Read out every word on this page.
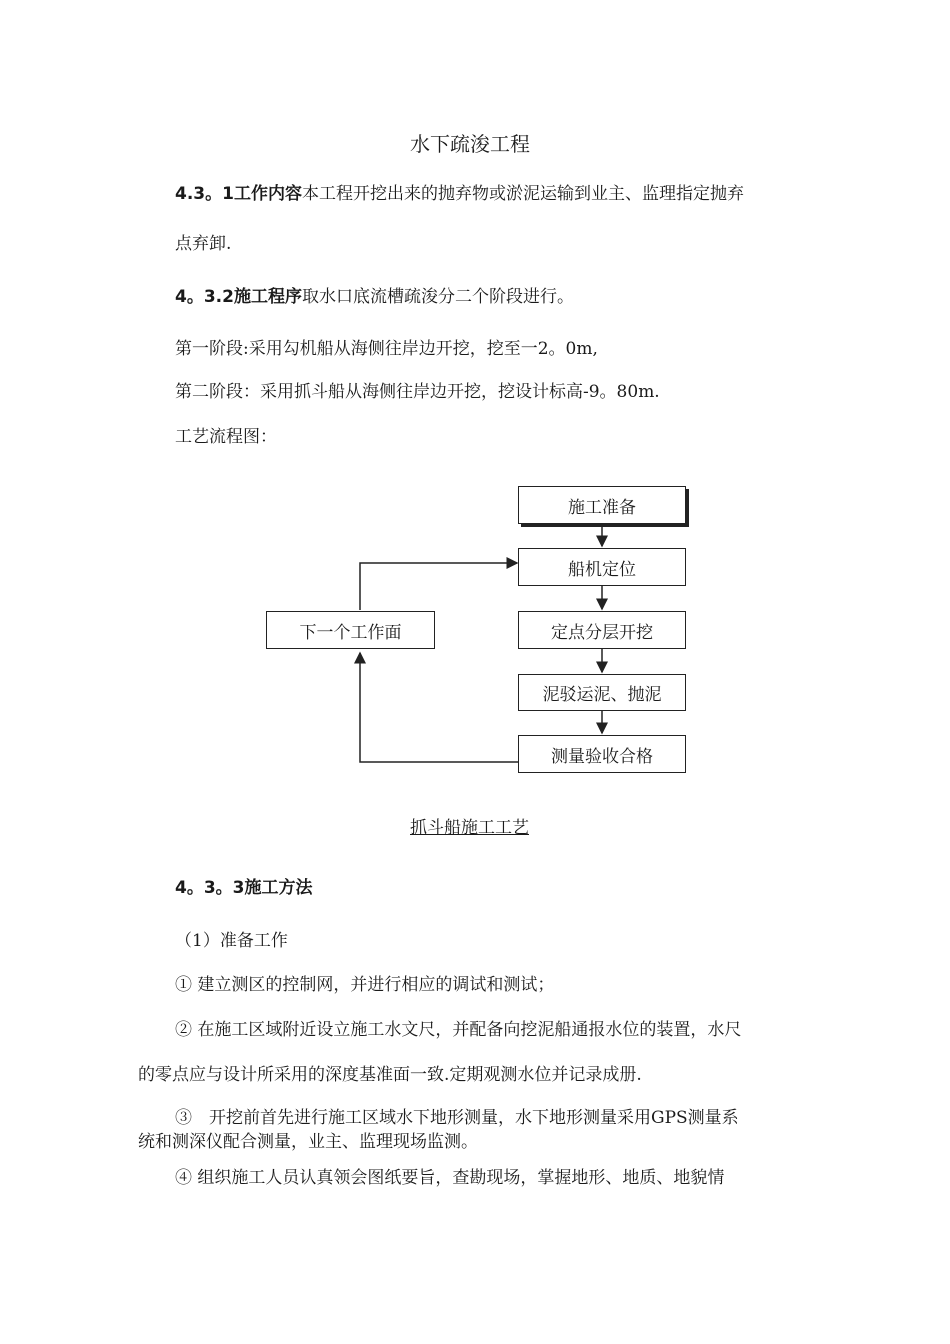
水下疏浚工程
4.3。1工作内容本工程开挖出来的抛弃物或淤泥运输到业主、监理指定抛弃
点弃卸.
4。3.2施工程序取水口底流槽疏浚分二个阶段进行。
第一阶段:采用勾机船从海侧往岸边开挖，挖至一2。0m,
第二阶段：采用抓斗船从海侧往岸边开挖，挖设计标高-9。80m.
工艺流程图：
施工准备
船机定位
定点分层开挖
泥驳运泥、抛泥
测量验收合格
下一个工作面
抓斗船施工工艺
4。3。3施工方法
（1）准备工作
① 建立测区的控制网，并进行相应的调试和测试；
② 在施工区域附近设立施工水文尺，并配备向挖泥船通报水位的装置，水尺
的零点应与设计所采用的深度基准面一致.定期观测水位并记录成册.
③　开挖前首先进行施工区域水下地形测量，水下地形测量采用GPS测量系
统和测深仪配合测量，业主、监理现场监测。
④ 组织施工人员认真领会图纸要旨，查勘现场，掌握地形、地质、地貌情
